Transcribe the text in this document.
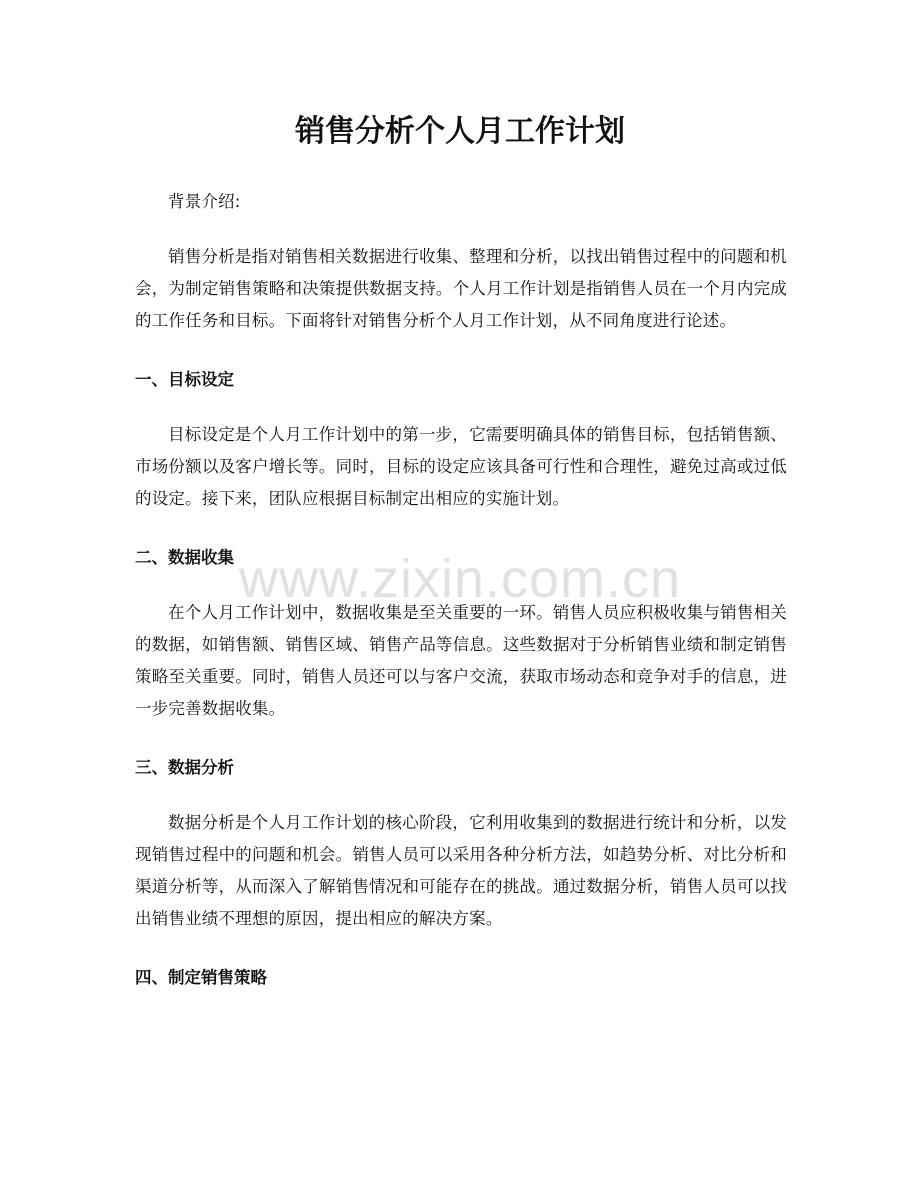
销售分析个人月工作计划

背景介绍:

销售分析是指对销售相关数据进行收集、整理和分析，以找出销售过程中的问题和机会，为制定销售策略和决策提供数据支持。个人月工作计划是指销售人员在一个月内完成的工作任务和目标。下面将针对销售分析个人月工作计划，从不同角度进行论述。

一、目标设定

目标设定是个人月工作计划中的第一步，它需要明确具体的销售目标，包括销售额、市场份额以及客户增长等。同时，目标的设定应该具备可行性和合理性，避免过高或过低的设定。接下来，团队应根据目标制定出相应的实施计划。

二、数据收集

在个人月工作计划中，数据收集是至关重要的一环。销售人员应积极收集与销售相关的数据，如销售额、销售区域、销售产品等信息。这些数据对于分析销售业绩和制定销售策略至关重要。同时，销售人员还可以与客户交流，获取市场动态和竞争对手的信息，进一步完善数据收集。

三、数据分析

数据分析是个人月工作计划的核心阶段，它利用收集到的数据进行统计和分析，以发现销售过程中的问题和机会。销售人员可以采用各种分析方法，如趋势分析、对比分析和渠道分析等，从而深入了解销售情况和可能存在的挑战。通过数据分析，销售人员可以找出销售业绩不理想的原因，提出相应的解决方案。

四、制定销售策略
www.zixin.com.cn
